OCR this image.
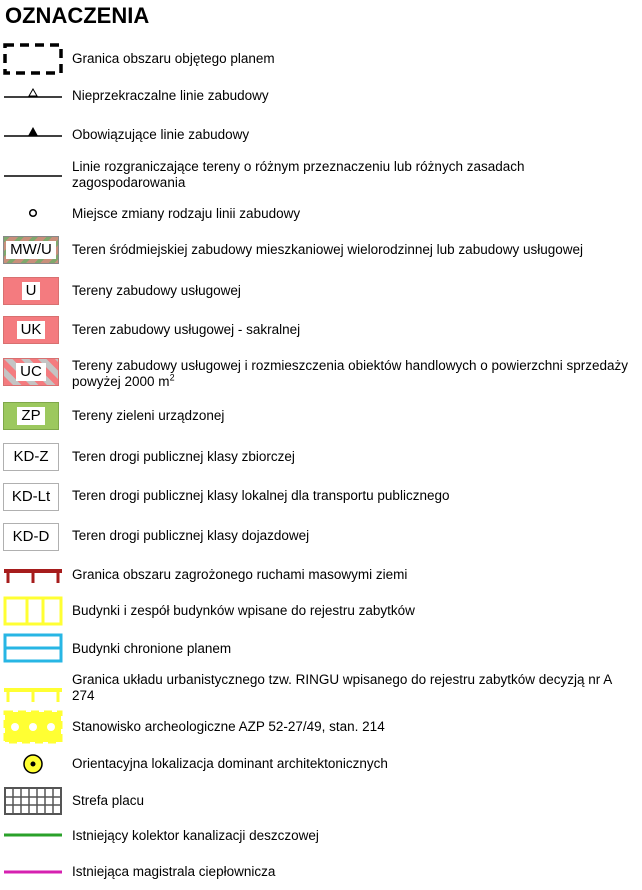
OZNACZENIA
Granica obszaru objętego planem
Nieprzekraczalne linie zabudowy
Obowiązujące linie zabudowy
Linie rozgraniczające tereny o różnym przeznaczeniu lub różnych zasadach zagospodarowania
Miejsce zmiany rodzaju linii zabudowy
MW/U Teren śródmiejskiej zabudowy mieszkaniowej wielorodzinnej lub zabudowy usługowej
U	Tereny zabudowy usługowej
UK Teren zabudowy usługowej - sakralnej
UC Tereny zabudowy usługowej i rozmieszczenia obiektów handlowych o powierzchni sprzedaży powyżej 2000 $m^2$
ZP Tereny zieleni urządzonej
KD-Z Teren drogi publicznej klasy zbiorczej
KD-Lt Teren drogi publicznej klasy lokalnej dla transportu publicznego
KD-D Teren drogi publicznej klasy dojazdowej
Granica obszaru zagrożonego ruchami masowymi ziemi
Budynki i zespół budynków wpisane do rejestru zabytków
Budynki chronione planem
Granica układu urbanistycznego tzw. RINGU wpisanego do rejestru zabytków decyzją nr A 274
Stanowisko archeologiczne AZP 52-27/49, stan. 214
Orientacyjna lokalizacja dominant architektonicznych
Strefa placu
Istniejący kolektor kanalizacji deszczowej
Istniejąca magistrala ciepłownicza
